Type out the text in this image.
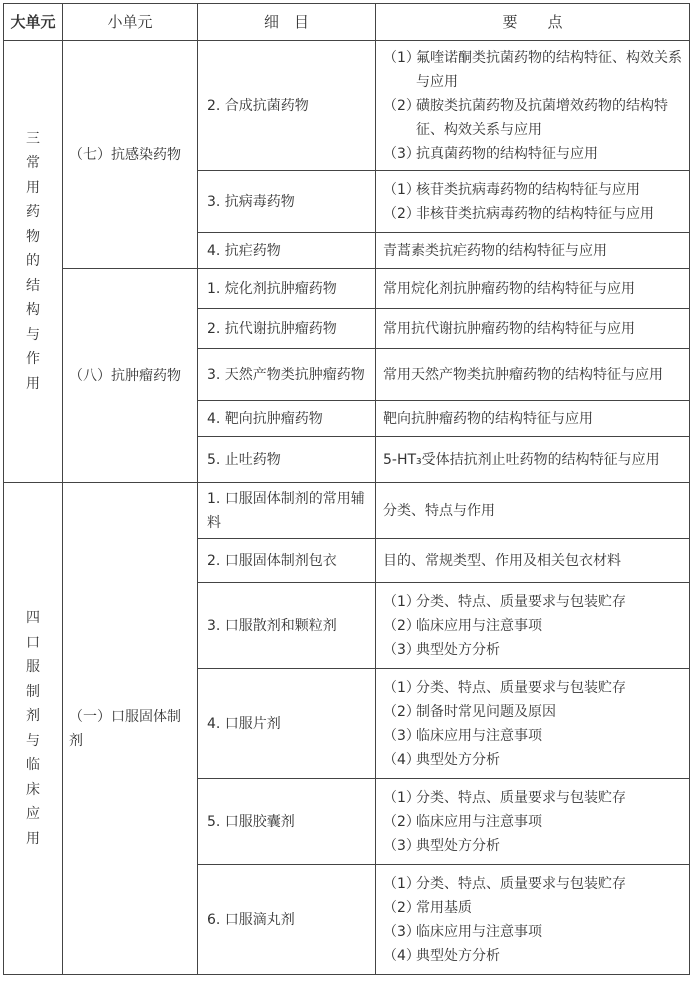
大单元	小单元	细　目	要　　点
三常用药物的结构与作用	（七）抗感染药物	2. 合成抗菌药物	（1）氟喹诺酮类抗菌药物的结构特征、构效关系与应用
（2）磺胺类抗菌药物及抗菌增效药物的结构特征、构效关系与应用
（3）抗真菌药物的结构特征与应用

		3. 抗病毒药物	（1）核苷类抗病毒药物的结构特征与应用
（2）非核苷类抗病毒药物的结构特征与应用

		4. 抗疟药物	青蒿素类抗疟药物的结构特征与应用

	（八）抗肿瘤药物	1. 烷化剂抗肿瘤药物	常用烷化剂抗肿瘤药物的结构特征与应用

		2. 抗代谢抗肿瘤药物	常用抗代谢抗肿瘤药物的结构特征与应用

		3. 天然产物类抗肿瘤药物	常用天然产物类抗肿瘤药物的结构特征与应用

		4. 靶向抗肿瘤药物	靶向抗肿瘤药物的结构特征与应用

		5. 止吐药物	5-HT₃受体拮抗剂止吐药物的结构特征与应用

四口服制剂与临床应用	（一）口服固体制剂	1. 口服固体制剂的常用辅料	分类、特点与作用

		2. 口服固体制剂包衣	目的、常规类型、作用及相关包衣材料

		3. 口服散剂和颗粒剂	（1）分类、特点、质量要求与包装贮存
（2）临床应用与注意事项
（3）典型处方分析

		4. 口服片剂	（1）分类、特点、质量要求与包装贮存
（2）制备时常见问题及原因
（3）临床应用与注意事项
（4）典型处方分析

		5. 口服胶囊剂	（1）分类、特点、质量要求与包装贮存
（2）临床应用与注意事项
（3）典型处方分析

		6. 口服滴丸剂	（1）分类、特点、质量要求与包装贮存
（2）常用基质
（3）临床应用与注意事项
（4）典型处方分析
